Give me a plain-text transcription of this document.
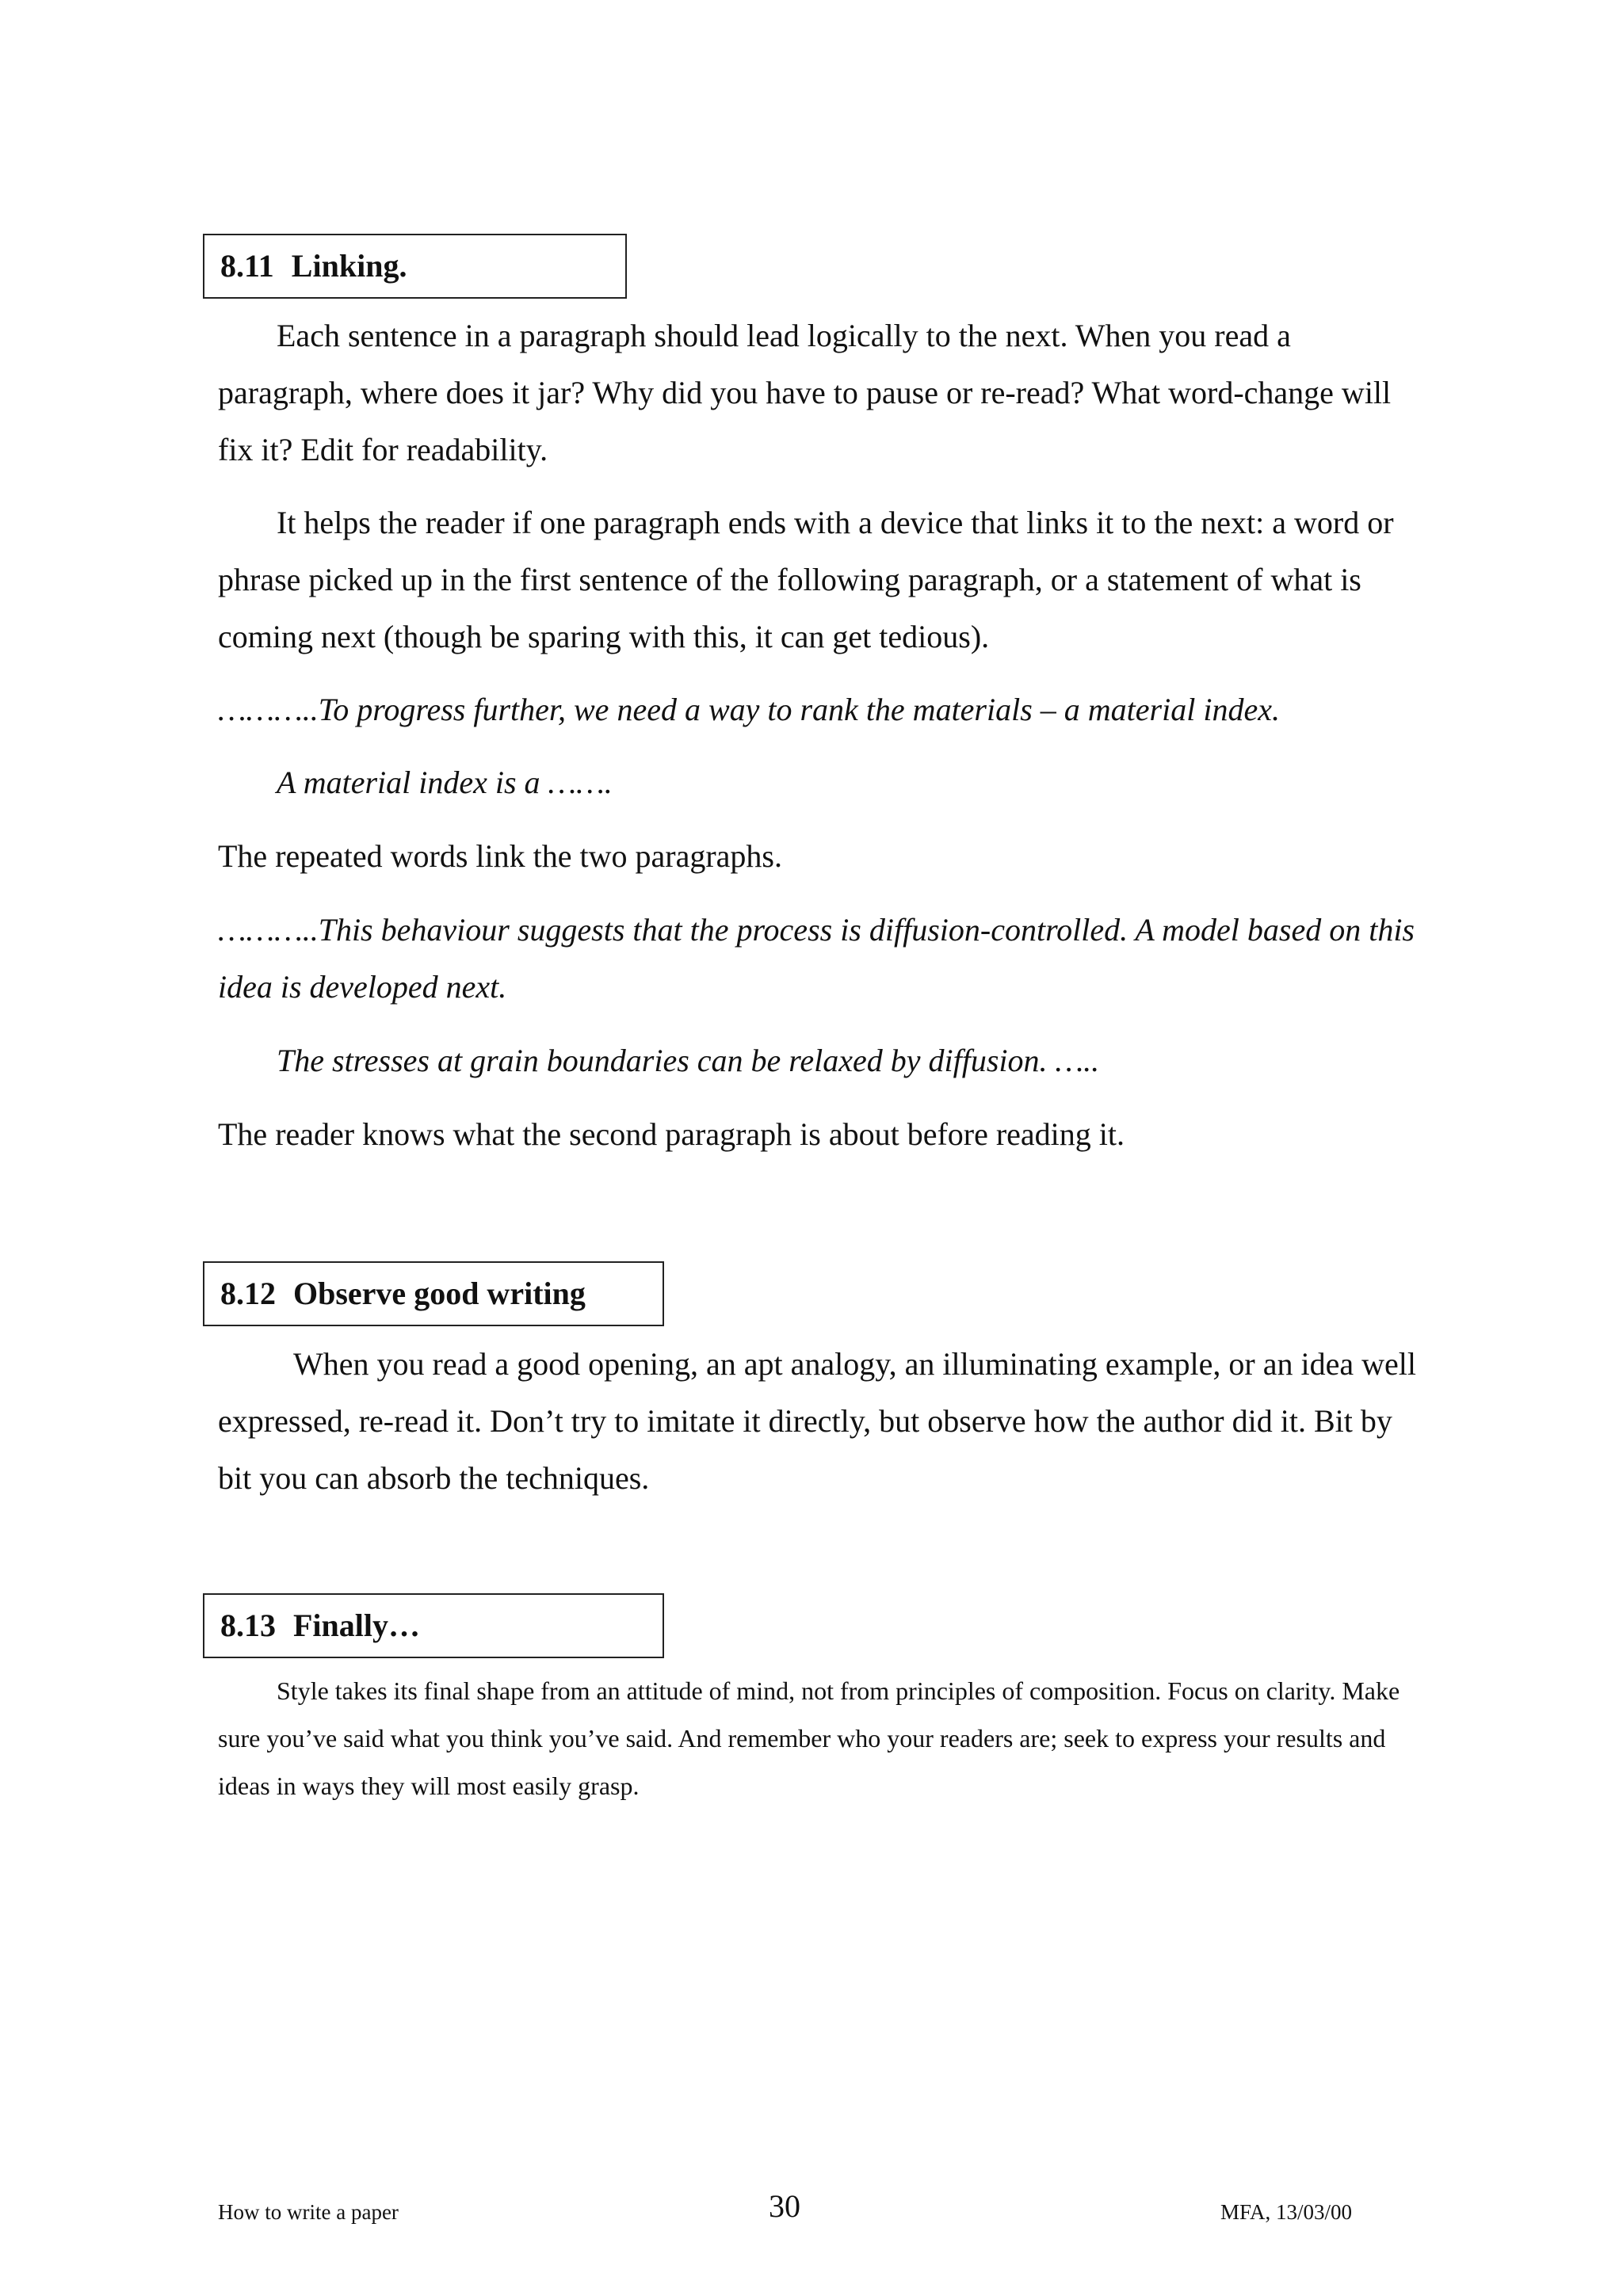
8.11 Linking.

Each sentence in a paragraph should lead logically to the next. When you read a paragraph, where does it jar? Why did you have to pause or re-read? What word-change will fix it? Edit for readability.

It helps the reader if one paragraph ends with a device that links it to the next: a word or phrase picked up in the first sentence of the following paragraph, or a statement of what is coming next (though be sparing with this, it can get tedious).

………..To progress further, we need a way to rank the materials – a material index.

A material index is a …….

The repeated words link the two paragraphs.

………..This behaviour suggests that the process is diffusion-controlled. A model based on this idea is developed next.

The stresses at grain boundaries can be relaxed by diffusion. …..

The reader knows what the second paragraph is about before reading it.

8.12 Observe good writing

When you read a good opening, an apt analogy, an illuminating example, or an idea well expressed, re-read it. Don’t try to imitate it directly, but observe how the author did it. Bit by bit you can absorb the techniques.

8.13 Finally…

Style takes its final shape from an attitude of mind, not from principles of composition. Focus on clarity. Make sure you’ve said what you think you’ve said. And remember who your readers are; seek to express your results and ideas in ways they will most easily grasp.

How to write a paper	30	MFA, 13/03/00
